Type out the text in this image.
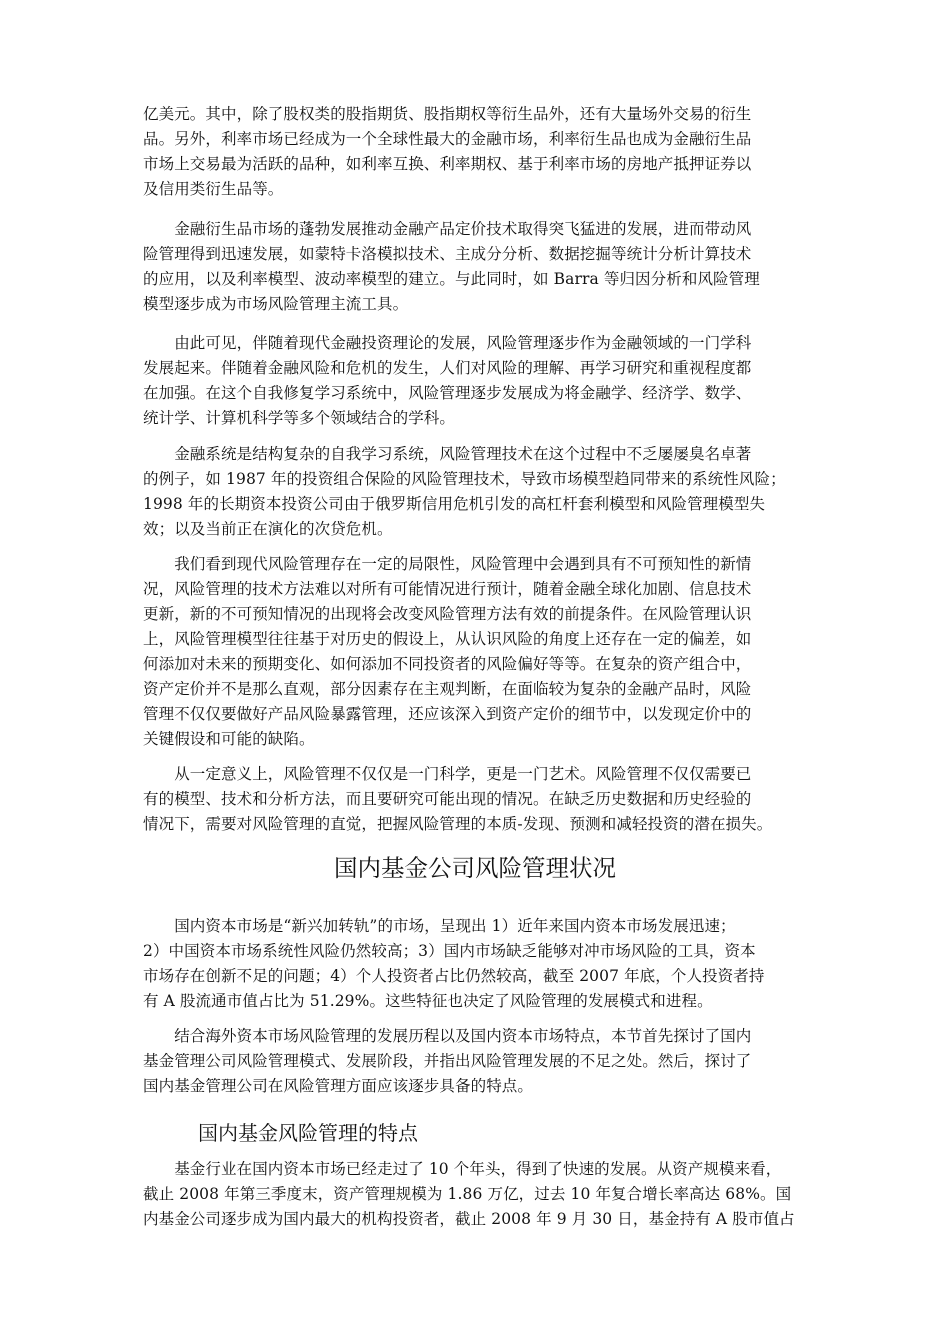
亿美元。其中，除了股权类的股指期货、股指期权等衍生品外，还有大量场外交易的衍生
品。另外，利率市场已经成为一个全球性最大的金融市场，利率衍生品也成为金融衍生品
市场上交易最为活跃的品种，如利率互换、利率期权、基于利率市场的房地产抵押证券以
及信用类衍生品等。
　　金融衍生品市场的蓬勃发展推动金融产品定价技术取得突飞猛进的发展，进而带动风
险管理得到迅速发展，如蒙特卡洛模拟技术、主成分分析、数据挖掘等统计分析计算技术
的应用，以及利率模型、波动率模型的建立。与此同时，如 Barra 等归因分析和风险管理
模型逐步成为市场风险管理主流工具。
　　由此可见，伴随着现代金融投资理论的发展，风险管理逐步作为金融领域的一门学科
发展起来。伴随着金融风险和危机的发生，人们对风险的理解、再学习研究和重视程度都
在加强。在这个自我修复学习系统中，风险管理逐步发展成为将金融学、经济学、数学、
统计学、计算机科学等多个领域结合的学科。
　　金融系统是结构复杂的自我学习系统，风险管理技术在这个过程中不乏屡屡臭名卓著
的例子，如 1987 年的投资组合保险的风险管理技术，导致市场模型趋同带来的系统性风险；
1998 年的长期资本投资公司由于俄罗斯信用危机引发的高杠杆套利模型和风险管理模型失
效；以及当前正在演化的次贷危机。
　　我们看到现代风险管理存在一定的局限性，风险管理中会遇到具有不可预知性的新情
况，风险管理的技术方法难以对所有可能情况进行预计，随着金融全球化加剧、信息技术
更新，新的不可预知情况的出现将会改变风险管理方法有效的前提条件。在风险管理认识
上，风险管理模型往往基于对历史的假设上，从认识风险的角度上还存在一定的偏差，如
何添加对未来的预期变化、如何添加不同投资者的风险偏好等等。在复杂的资产组合中，
资产定价并不是那么直观，部分因素存在主观判断，在面临较为复杂的金融产品时，风险
管理不仅仅要做好产品风险暴露管理，还应该深入到资产定价的细节中，以发现定价中的
关键假设和可能的缺陷。
　　从一定意义上，风险管理不仅仅是一门科学，更是一门艺术。风险管理不仅仅需要已
有的模型、技术和分析方法，而且要研究可能出现的情况。在缺乏历史数据和历史经验的
情况下，需要对风险管理的直觉，把握风险管理的本质-发现、预测和减轻投资的潜在损失。
国内基金公司风险管理状况
　　国内资本市场是“新兴加转轨”的市场，呈现出 1）近年来国内资本市场发展迅速；
2）中国资本市场系统性风险仍然较高；3）国内市场缺乏能够对冲市场风险的工具，资本
市场存在创新不足的问题；4）个人投资者占比仍然较高，截至 2007 年底，个人投资者持
有 A 股流通市值占比为 51.29%。这些特征也决定了风险管理的发展模式和进程。
　　结合海外资本市场风险管理的发展历程以及国内资本市场特点，本节首先探讨了国内
基金管理公司风险管理模式、发展阶段，并指出风险管理发展的不足之处。然后，探讨了
国内基金管理公司在风险管理方面应该逐步具备的特点。
国内基金风险管理的特点
　　基金行业在国内资本市场已经走过了 10 个年头，得到了快速的发展。从资产规模来看，
截止 2008 年第三季度末，资产管理规模为 1.86 万亿，过去 10 年复合增长率高达 68%。国
内基金公司逐步成为国内最大的机构投资者，截止 2008 年 9 月 30 日，基金持有 A 股市值占
